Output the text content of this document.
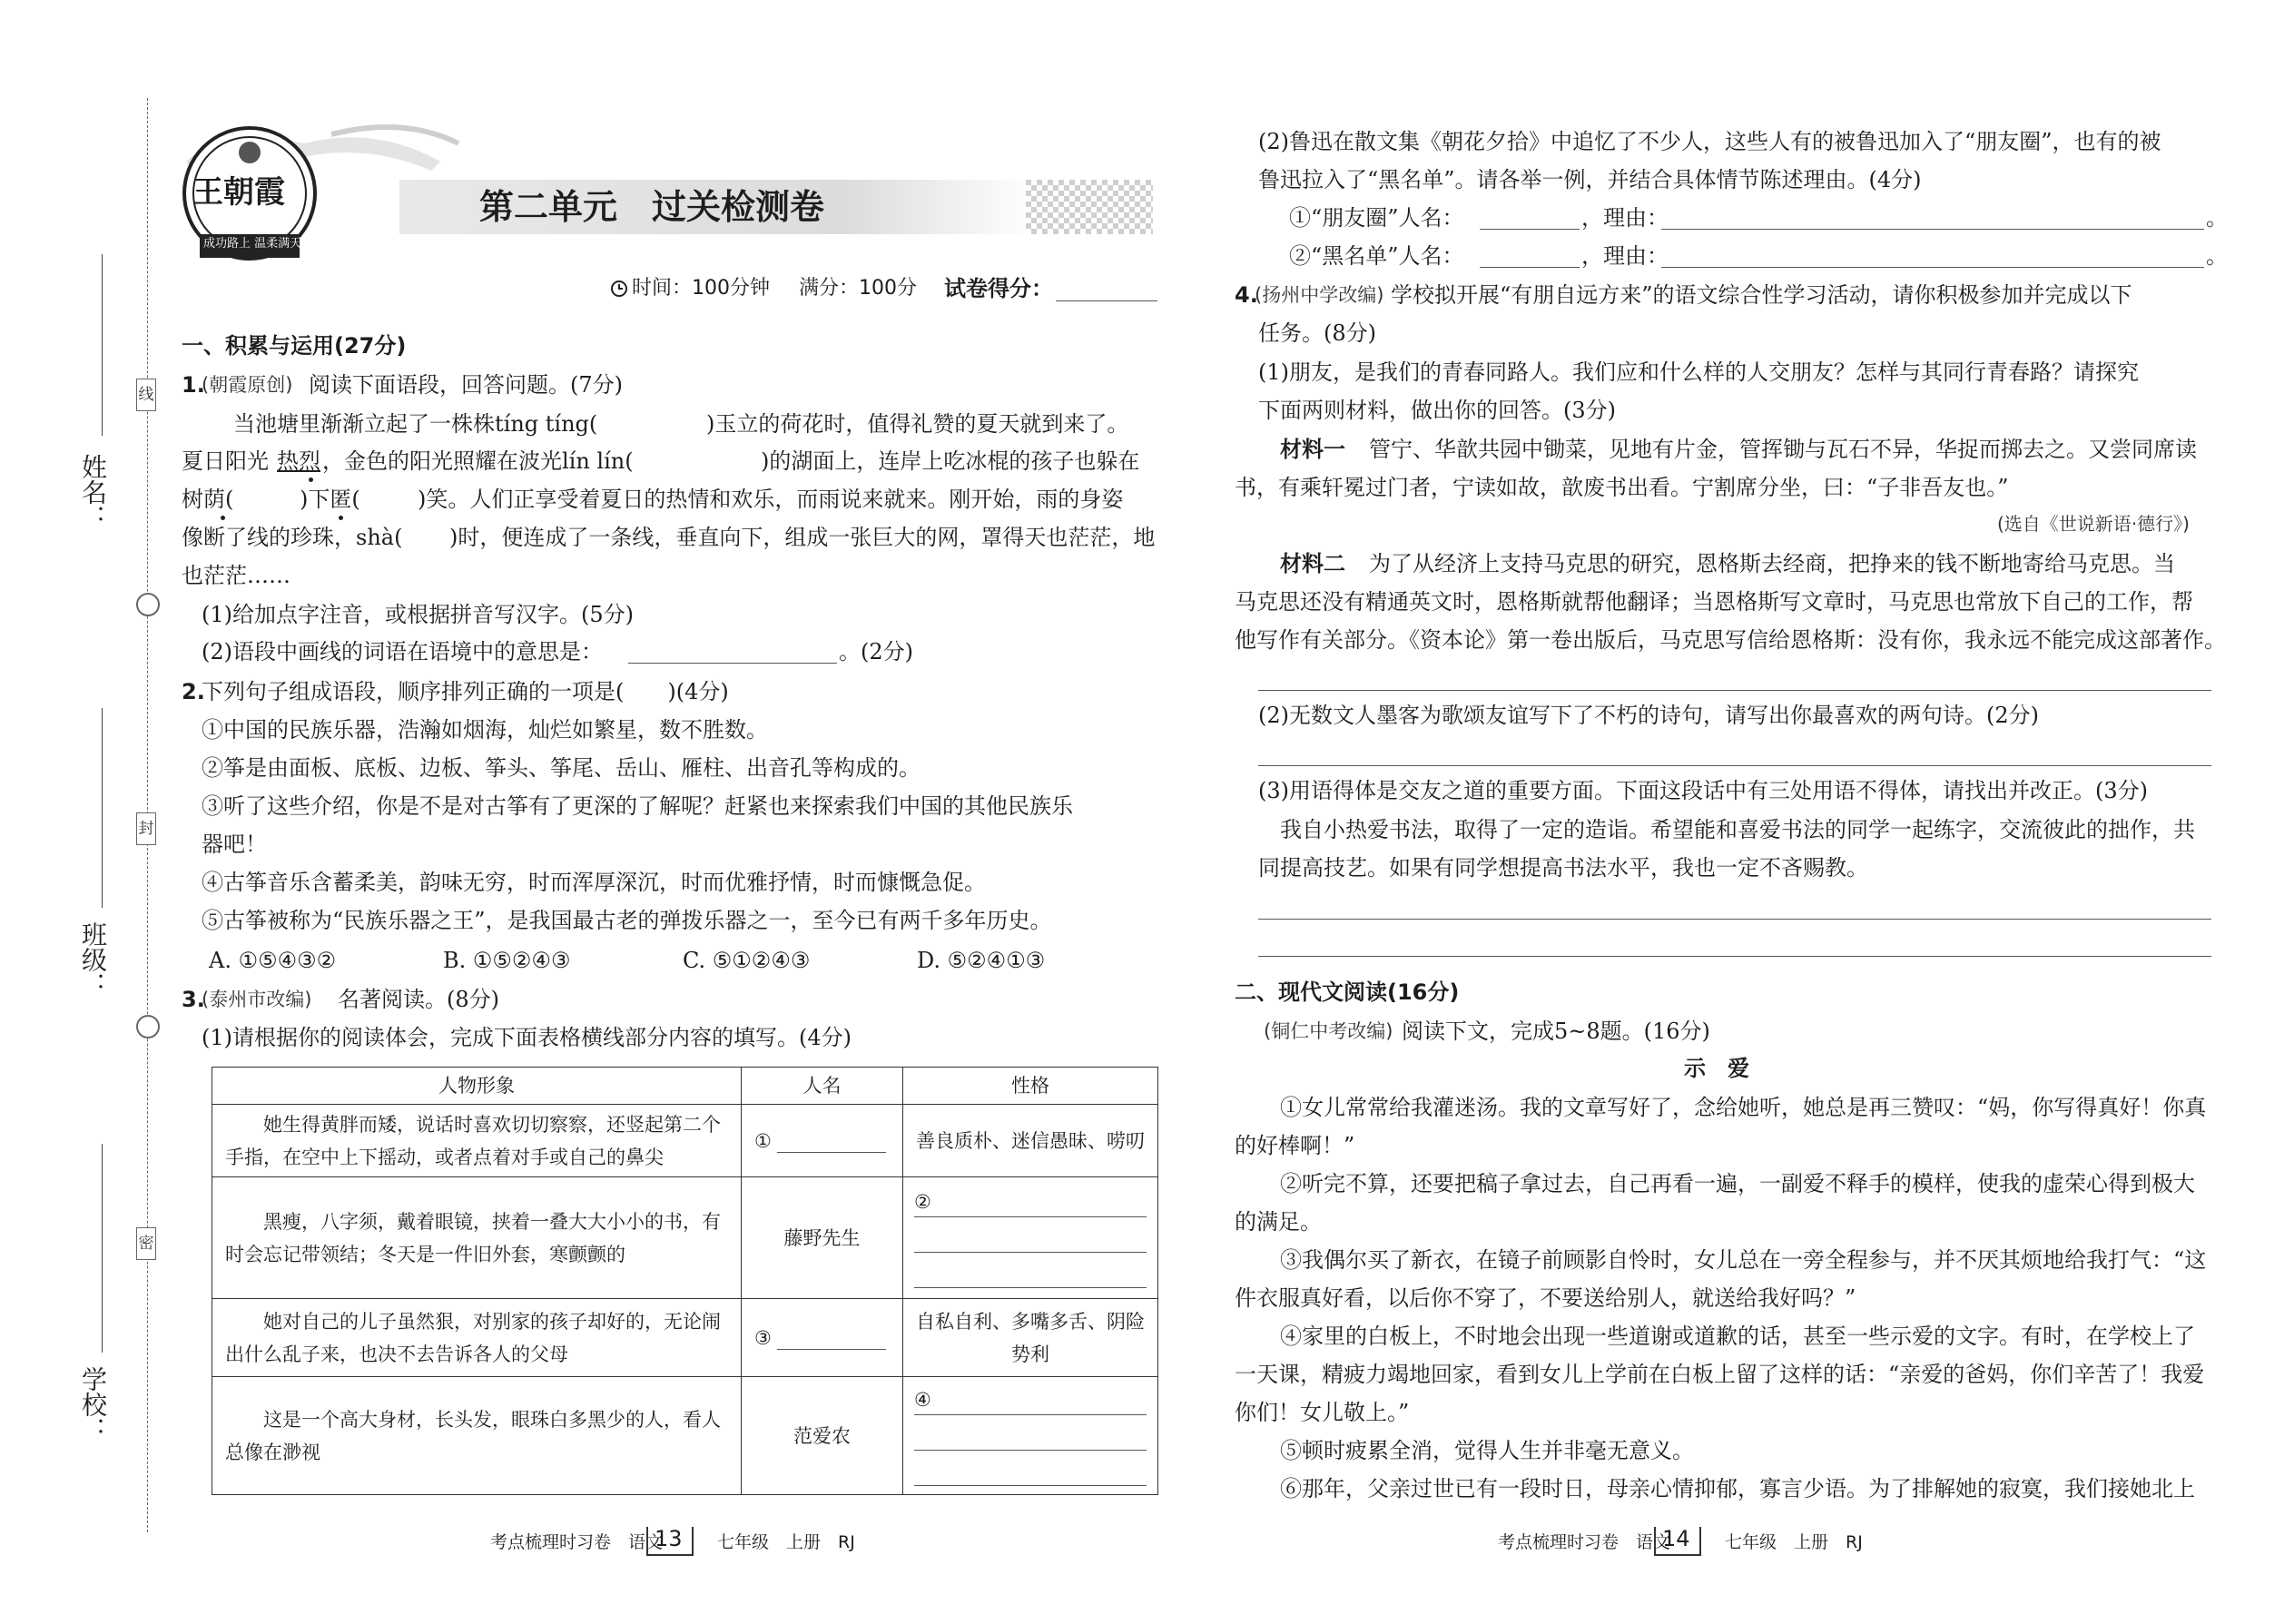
线
封
密
姓名：
班级：
学校：
王朝霞
成功路上 温柔满天
第二单元　过关检测卷
时间：100分钟 满分：100分 试卷得分：
一、积累与运用(27分)
1.
(朝霞原创) 阅读下面语段，回答问题。(7分)
当池塘里渐渐立起了一株株tíng tíng(	)玉立的荷花时，值得礼赞的夏天就到来了。
夏日阳光 热烈 ，金色的阳光照耀在波光lín lín(	)的湖面上，连岸上吃冰棍的孩子也躲在
树荫(	)下匿(	)笑。人们正享受着夏日的热情和欢乐，而雨说来就来。刚开始，雨的身姿
像断了线的珍珠，shà( )时，便连成了一条线，垂直向下，组成一张巨大的网，罩得天也茫茫，地
也茫茫……
(1)给加点字注音，或根据拼音写汉字。(5分)
(2)语段中画线的词语在语境中的意思是：	。(2分)
2.
下列句子组成语段，顺序排列正确的一项是(　　)(4分)
①中国的民族乐器，浩瀚如烟海，灿烂如繁星，数不胜数。
②筝是由面板、底板、边板、筝头、筝尾、岳山、雁柱、出音孔等构成的。
③听了这些介绍，你是不是对古筝有了更深的了解呢？赶紧也来探索我们中国的其他民族乐
器吧！
④古筝音乐含蓄柔美，韵味无穷，时而浑厚深沉，时而优雅抒情，时而慷慨急促。
⑤古筝被称为“民族乐器之王”，是我国最古老的弹拨乐器之一，至今已有两千多年历史。
A. ①⑤④③②	B. ①⑤②④③	C. ⑤①②④③	D. ⑤②④①③
3.
(泰州市改编) 名著阅读。(8分)
(1)请根据你的阅读体会，完成下面表格横线部分内容的填写。(4分)
人物形象	人名	性格
她生得黄胖而矮，说话时喜欢切切察察，还竖起第二个手指，在空中上下摇动，或者点着对手或自己的鼻尖	①	善良质朴、迷信愚昧、唠叨
黑瘦，八字须，戴着眼镜，挟着一叠大大小小的书，有时会忘记带领结；冬天是一件旧外套，寒颤颤的	藤野先生	②

她对自己的儿子虽然狠，对别家的孩子却好的，无论闹出什么乱子来，也决不去告诉各人的父母	③	自私自利、多嘴多舌、阴险势利
这是一个高大身材，长头发，眼珠白多黑少的人，看人总像在渺视	范爱农	④
考点梳理时习卷　语文
13 七年级　上册　RJ
(2)鲁迅在散文集《朝花夕拾》中追忆了不少人，这些人有的被鲁迅加入了“朋友圈”，也有的被
鲁迅拉入了“黑名单”。请各举一例，并结合具体情节陈述理由。(4分)
①“朋友圈”人名：	，理由：	。
②“黑名单”人名：	，理由：	。
4.
(扬州中学改编) 学校拟开展“有朋自远方来”的语文综合性学习活动，请你积极参加并完成以下
任务。(8分)
(1)朋友，是我们的青春同路人。我们应和什么样的人交朋友？怎样与其同行青春路？请探究
下面两则材料，做出你的回答。(3分)
材料一 管宁、华歆共园中锄菜，见地有片金，管挥锄与瓦石不异，华捉而掷去之。又尝同席读
书，有乘轩冕过门者，宁读如故，歆废书出看。宁割席分坐，曰：“子非吾友也。”
(选自《世说新语·德行》)
材料二 为了从经济上支持马克思的研究，恩格斯去经商，把挣来的钱不断地寄给马克思。当
马克思还没有精通英文时，恩格斯就帮他翻译；当恩格斯写文章时，马克思也常放下自己的工作，帮
他写作有关部分。《资本论》第一卷出版后，马克思写信给恩格斯：没有你，我永远不能完成这部著作。
(2)无数文人墨客为歌颂友谊写下了不朽的诗句，请写出你最喜欢的两句诗。(2分)
(3)用语得体是交友之道的重要方面。下面这段话中有三处用语不得体，请找出并改正。(3分)
我自小热爱书法，取得了一定的造诣。希望能和喜爱书法的同学一起练字，交流彼此的拙作，共
同提高技艺。如果有同学想提高书法水平，我也一定不吝赐教。
二、现代文阅读(16分)
(铜仁中考改编) 阅读下文，完成5~8题。(16分)
示　爱
①女儿常常给我灌迷汤。我的文章写好了，念给她听，她总是再三赞叹：“妈，你写得真好！你真
的好棒啊！”
②听完不算，还要把稿子拿过去，自己再看一遍，一副爱不释手的模样，使我的虚荣心得到极大
的满足。
③我偶尔买了新衣，在镜子前顾影自怜时，女儿总在一旁全程参与，并不厌其烦地给我打气：“这
件衣服真好看，以后你不穿了，不要送给别人，就送给我好吗？”
④家里的白板上，不时地会出现一些道谢或道歉的话，甚至一些示爱的文字。有时，在学校上了
一天课，精疲力竭地回家，看到女儿上学前在白板上留了这样的话：“亲爱的爸妈，你们辛苦了！我爱
你们！女儿敬上。”
⑤顿时疲累全消，觉得人生并非毫无意义。
⑥那年，父亲过世已有一段时日，母亲心情抑郁，寡言少语。为了排解她的寂寞，我们接她北上
考点梳理时习卷　语文
14 七年级　上册　RJ
